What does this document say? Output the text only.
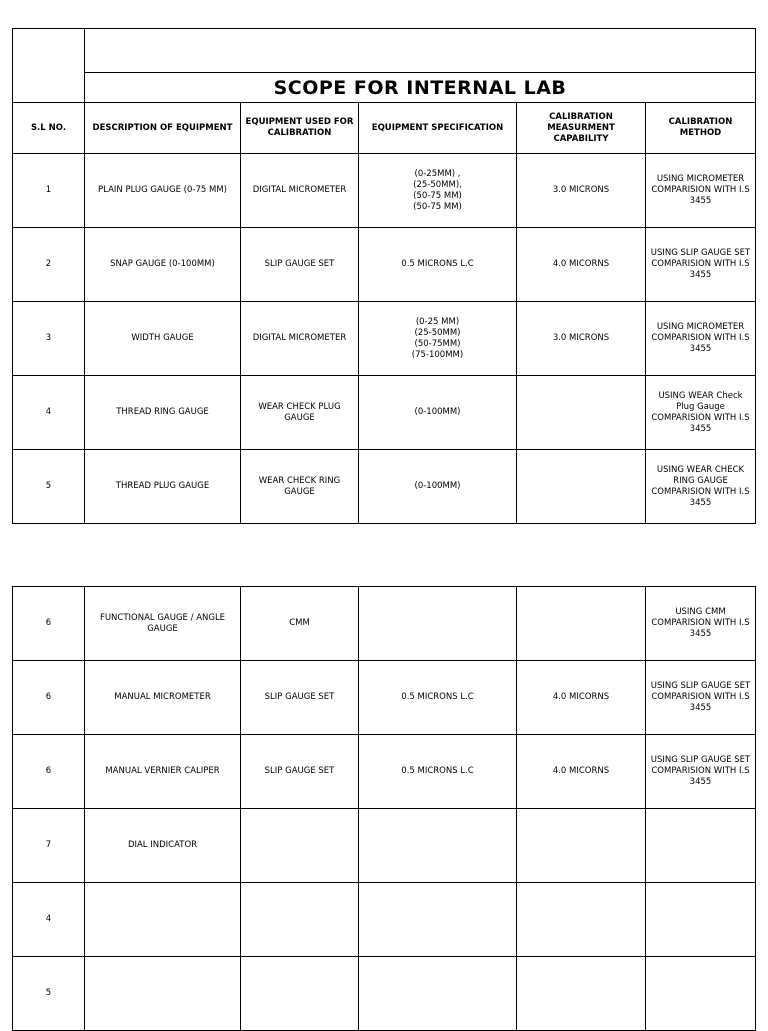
	SCOPE FOR INTERNAL LAB				
S.L NO.	DESCRIPTION OF EQUIPMENT	EQUIPMENT USED FOR CALIBRATION	EQUIPMENT SPECIFICATION	CALIBRATION MEASURMENT CAPABILITY	CALIBRATION METHOD
1	PLAIN PLUG GAUGE (0-75 MM)	DIGITAL MICROMETER	(0-25MM) ,
(25-50MM),
(50-75 MM)
(50-75 MM)	3.0 MICRONS	USING MICROMETER COMPARISION WITH I.S 3455
2	SNAP GAUGE (0-100MM)	SLIP GAUGE SET	0.5 MICRONS L.C	4.0 MICORNS	USING SLIP GAUGE SET COMPARISION WITH I.S 3455
3	WIDTH GAUGE	DIGITAL MICROMETER	(0-25 MM)
(25-50MM)
(50-75MM)
(75-100MM)	3.0 MICRONS	USING MICROMETER COMPARISION WITH I.S 3455
4	THREAD RING GAUGE	WEAR CHECK PLUG GAUGE	(0-100MM)		USING WEAR Check Plug Gauge COMPARISION WITH I.S 3455
5	THREAD PLUG GAUGE	WEAR CHECK RING GAUGE	(0-100MM)		USING WEAR CHECK RING GAUGE COMPARISION WITH I.S 3455
6	FUNCTIONAL GAUGE / ANGLE GAUGE	CMM			USING CMM COMPARISION WITH I.S 3455
6	MANUAL MICROMETER	SLIP GAUGE SET	0.5 MICRONS L.C	4.0 MICORNS	USING SLIP GAUGE SET COMPARISION WITH I.S 3455
6	MANUAL VERNIER CALIPER	SLIP GAUGE SET	0.5 MICRONS L.C	4.0 MICORNS	USING SLIP GAUGE SET COMPARISION WITH I.S 3455
7	DIAL INDICATOR				
4					
5					
